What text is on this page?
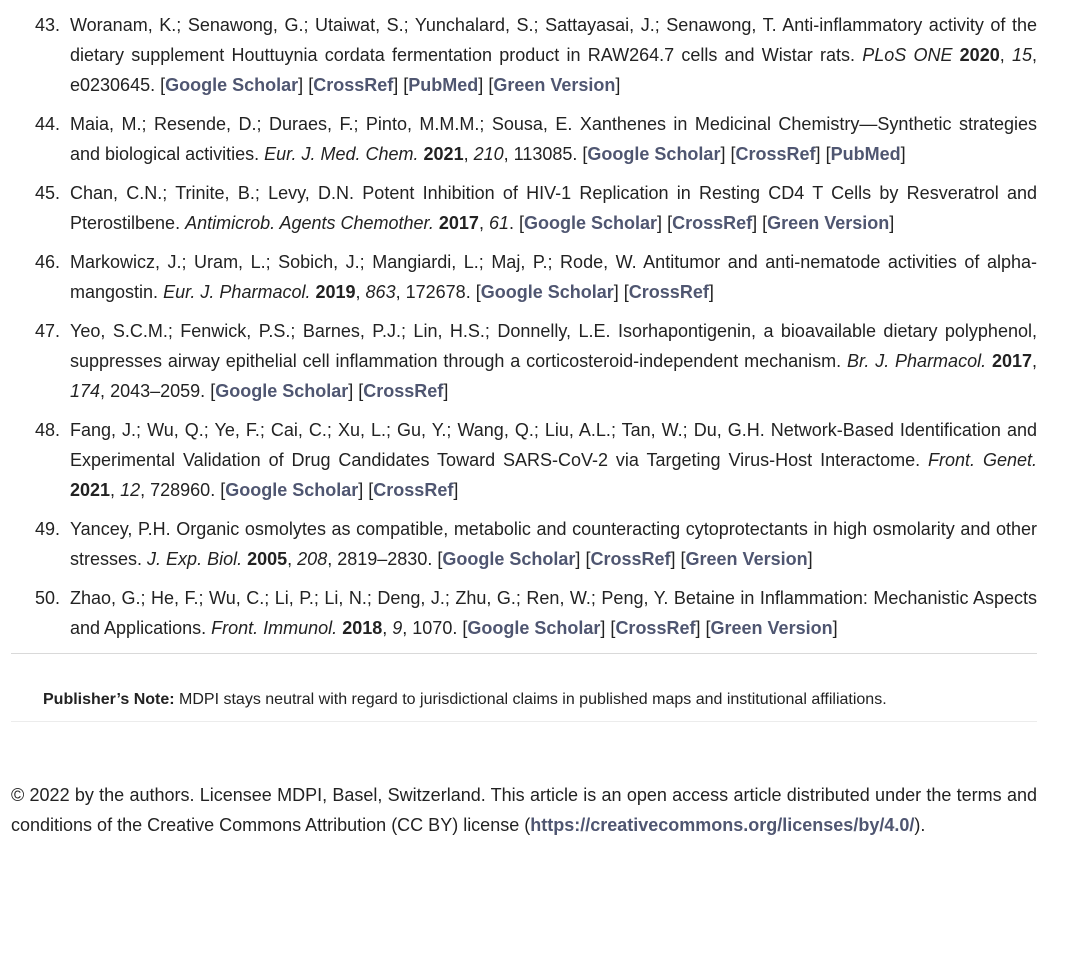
43. Woranam, K.; Senawong, G.; Utaiwat, S.; Yunchalard, S.; Sattayasai, J.; Senawong, T. Anti-inflammatory activity of the dietary supplement Houttuynia cordata fermentation product in RAW264.7 cells and Wistar rats. PLoS ONE 2020, 15, e0230645. [Google Scholar] [CrossRef] [PubMed] [Green Version]
44. Maia, M.; Resende, D.; Duraes, F.; Pinto, M.M.M.; Sousa, E. Xanthenes in Medicinal Chemistry—Synthetic strategies and biological activities. Eur. J. Med. Chem. 2021, 210, 113085. [Google Scholar] [CrossRef] [PubMed]
45. Chan, C.N.; Trinite, B.; Levy, D.N. Potent Inhibition of HIV-1 Replication in Resting CD4 T Cells by Resveratrol and Pterostilbene. Antimicrob. Agents Chemother. 2017, 61. [Google Scholar] [CrossRef] [Green Version]
46. Markowicz, J.; Uram, L.; Sobich, J.; Mangiardi, L.; Maj, P.; Rode, W. Antitumor and anti-nematode activities of alpha-mangostin. Eur. J. Pharmacol. 2019, 863, 172678. [Google Scholar] [CrossRef]
47. Yeo, S.C.M.; Fenwick, P.S.; Barnes, P.J.; Lin, H.S.; Donnelly, L.E. Isorhapontigenin, a bioavailable dietary polyphenol, suppresses airway epithelial cell inflammation through a corticosteroid-independent mechanism. Br. J. Pharmacol. 2017, 174, 2043–2059. [Google Scholar] [CrossRef]
48. Fang, J.; Wu, Q.; Ye, F.; Cai, C.; Xu, L.; Gu, Y.; Wang, Q.; Liu, A.L.; Tan, W.; Du, G.H. Network-Based Identification and Experimental Validation of Drug Candidates Toward SARS-CoV-2 via Targeting Virus-Host Interactome. Front. Genet. 2021, 12, 728960. [Google Scholar] [CrossRef]
49. Yancey, P.H. Organic osmolytes as compatible, metabolic and counteracting cytoprotectants in high osmolarity and other stresses. J. Exp. Biol. 2005, 208, 2819–2830. [Google Scholar] [CrossRef] [Green Version]
50. Zhao, G.; He, F.; Wu, C.; Li, P.; Li, N.; Deng, J.; Zhu, G.; Ren, W.; Peng, Y. Betaine in Inflammation: Mechanistic Aspects and Applications. Front. Immunol. 2018, 9, 1070. [Google Scholar] [CrossRef] [Green Version]
Publisher’s Note: MDPI stays neutral with regard to jurisdictional claims in published maps and institutional affiliations.
© 2022 by the authors. Licensee MDPI, Basel, Switzerland. This article is an open access article distributed under the terms and conditions of the Creative Commons Attribution (CC BY) license (https://creativecommons.org/licenses/by/4.0/).
